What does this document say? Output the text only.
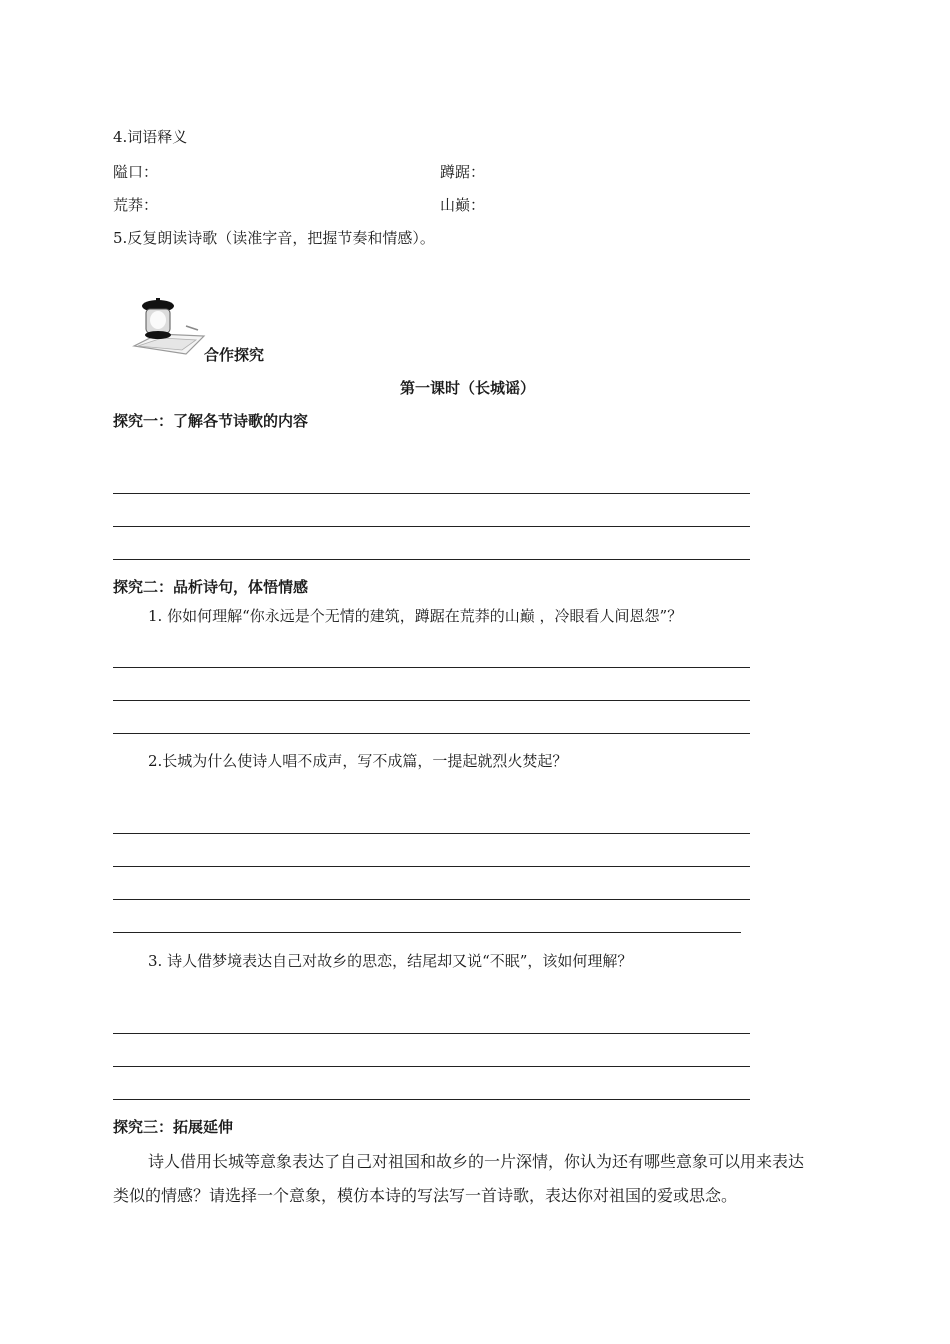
4.词语释义
隘口：	蹲踞：
荒莽：	山巅：
5.反复朗读诗歌（读准字音，把握节奏和情感）。
合作探究
第一课时（长城谣）
探究一：了解各节诗歌的内容
探究二：品析诗句，体悟情感
1. 你如何理解“你永远是个无情的建筑，蹲踞在荒莽的山巅 ，冷眼看人间恩怨”？
2.长城为什么使诗人唱不成声，写不成篇，一提起就烈火焚起？
3. 诗人借梦境表达自己对故乡的思恋，结尾却又说“不眠”，该如何理解？
探究三：拓展延伸
诗人借用长城等意象表达了自己对祖国和故乡的一片深情，你认为还有哪些意象可以用来表达
类似的情感？请选择一个意象，模仿本诗的写法写一首诗歌，表达你对祖国的爱或思念。
